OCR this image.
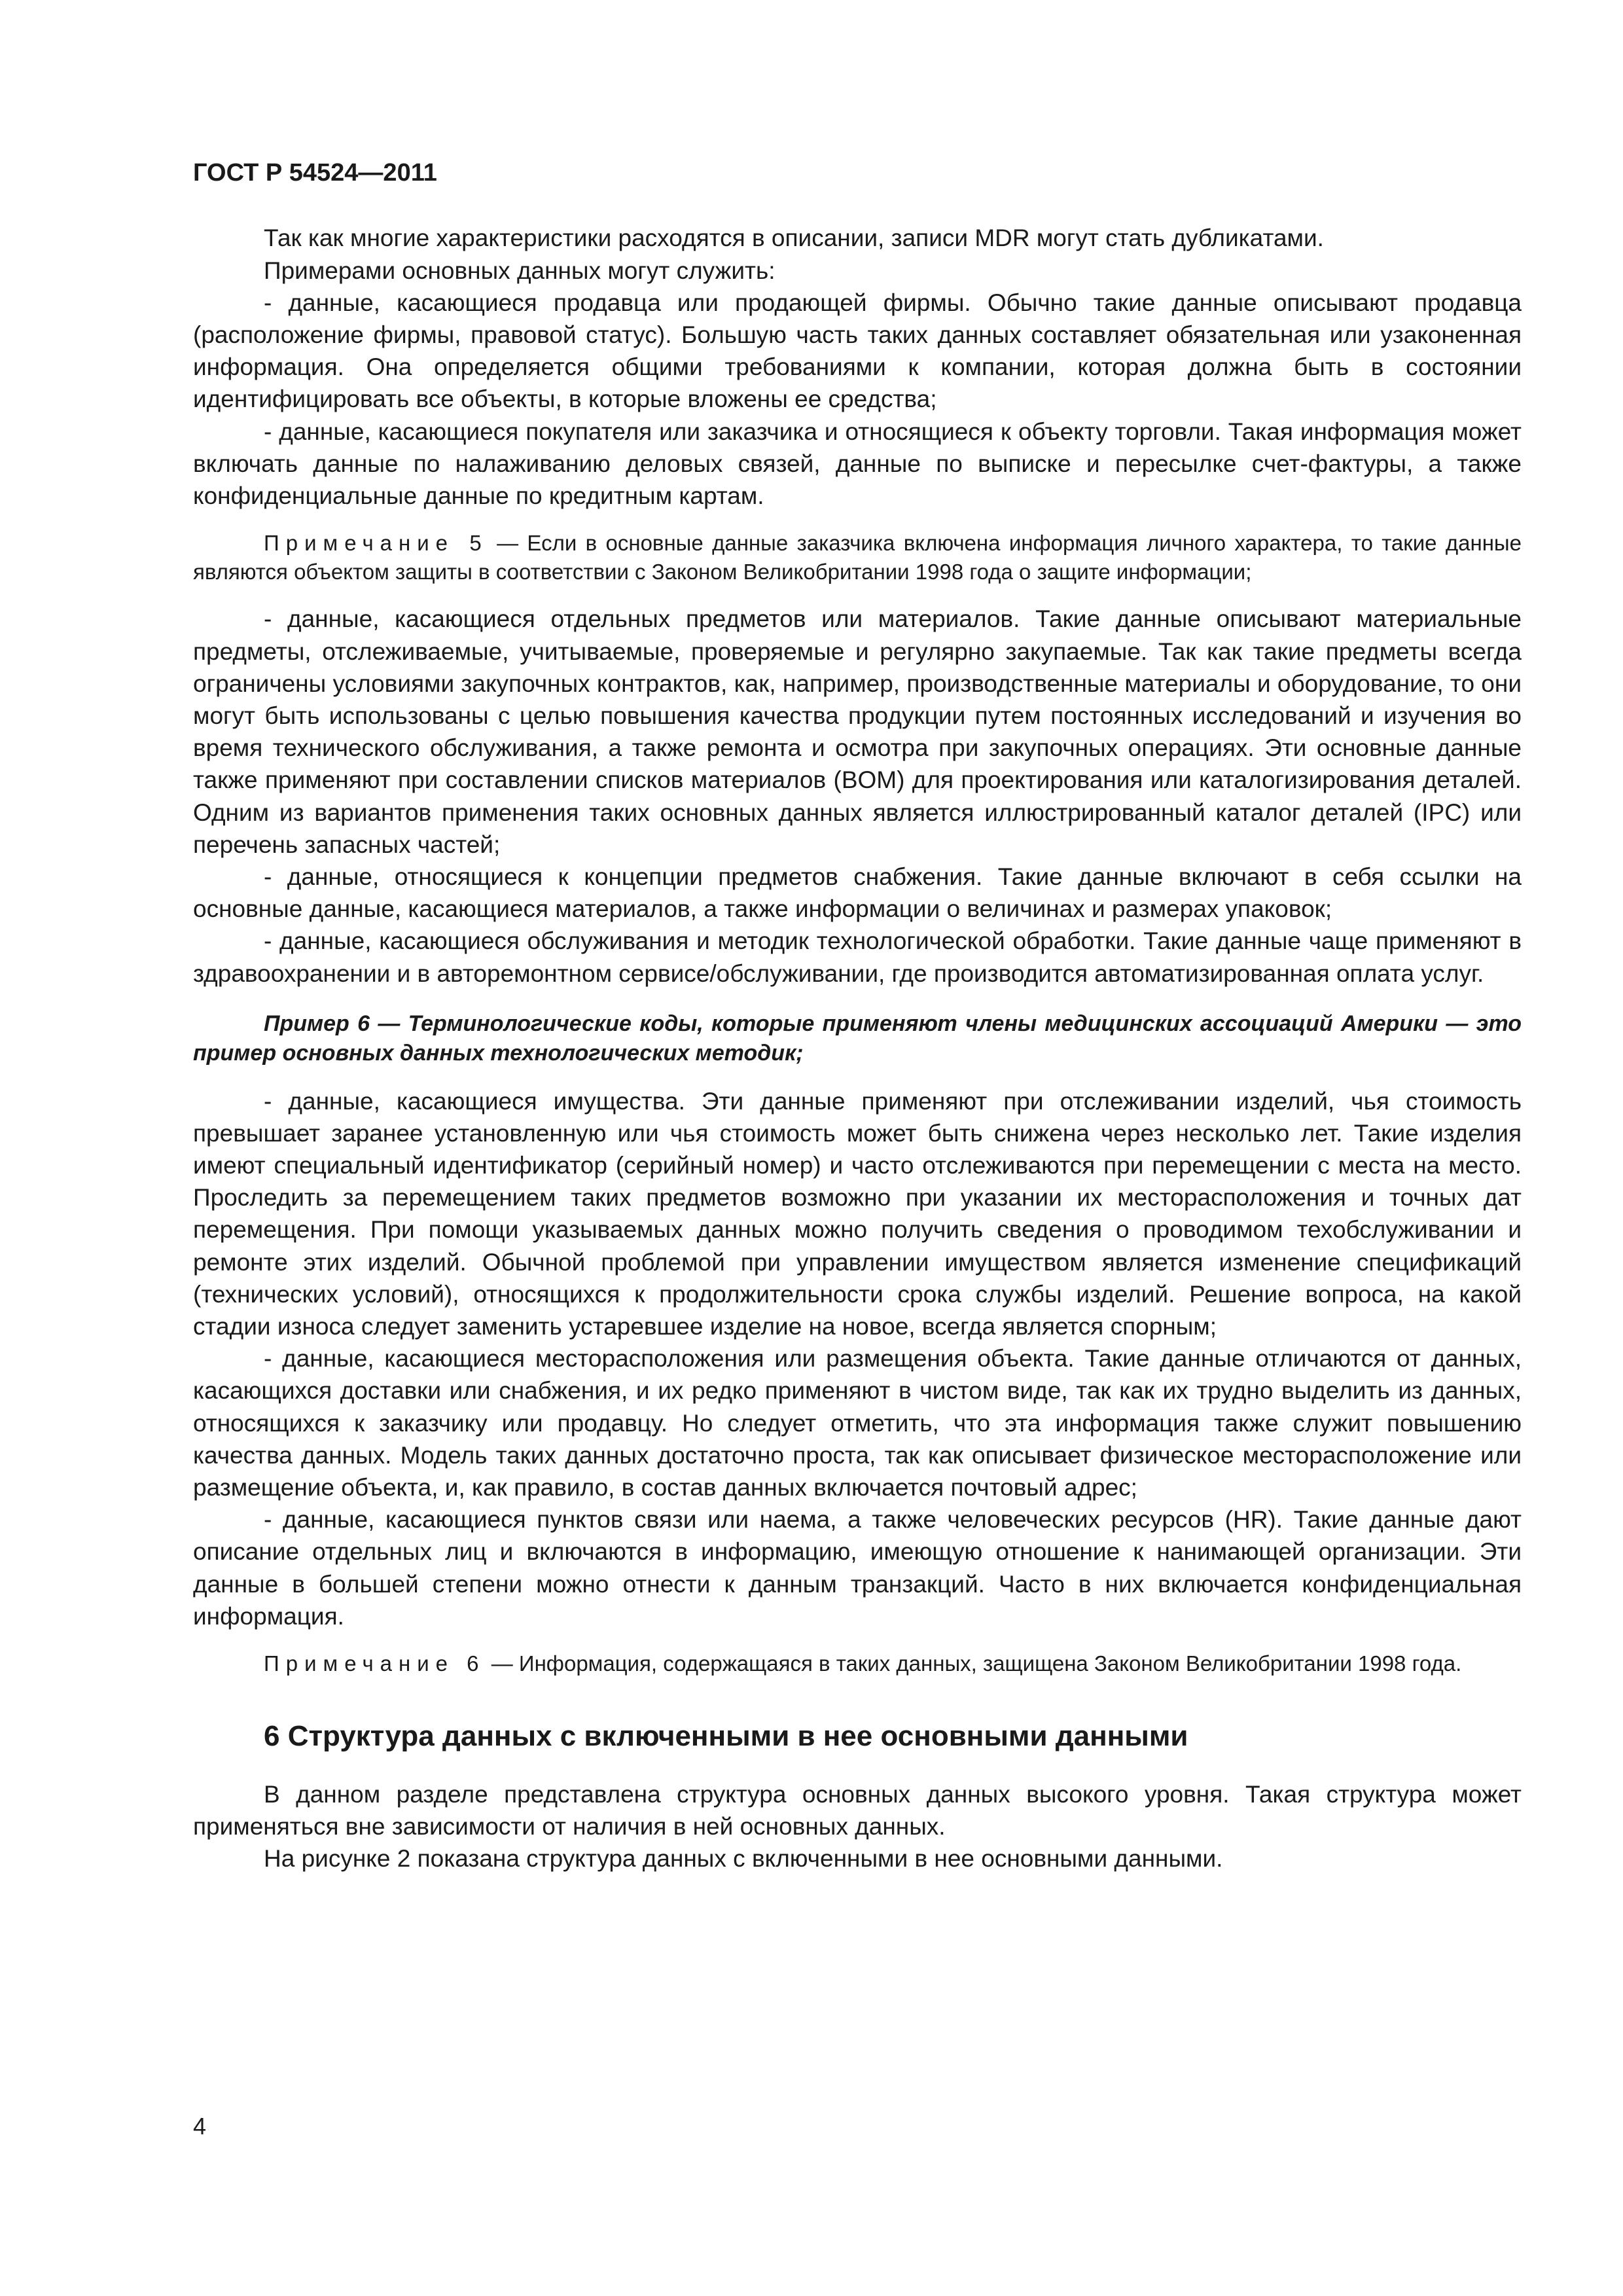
ГОСТ Р 54524—2011

Так как многие характеристики расходятся в описании, записи MDR могут стать дубликатами.

Примерами основных данных могут служить:

- данные, касающиеся продавца или продающей фирмы. Обычно такие данные описывают продавца (расположение фирмы, правовой статус). Большую часть таких данных составляет обязательная или узаконенная информация. Она определяется общими требованиями к компании, которая должна быть в состоянии идентифицировать все объекты, в которые вложены ее средства;

- данные, касающиеся покупателя или заказчика и относящиеся к объекту торговли. Такая информация может включать данные по налаживанию деловых связей, данные по выписке и пересылке счет-фактуры, а также конфиденциальные данные по кредитным картам.

Примечание 5 — Если в основные данные заказчика включена информация личного характера, то такие данные являются объектом защиты в соответствии с Законом Великобритании 1998 года о защите информации;

- данные, касающиеся отдельных предметов или материалов. Такие данные описывают материальные предметы, отслеживаемые, учитываемые, проверяемые и регулярно закупаемые. Так как такие предметы всегда ограничены условиями закупочных контрактов, как, например, производственные материалы и оборудование, то они могут быть использованы с целью повышения качества продукции путем постоянных исследований и изучения во время технического обслуживания, а также ремонта и осмотра при закупочных операциях. Эти основные данные также применяют при составлении списков материалов (BOM) для проектирования или каталогизирования деталей. Одним из вариантов применения таких основных данных является иллюстрированный каталог деталей (IPC) или перечень запасных частей;

- данные, относящиеся к концепции предметов снабжения. Такие данные включают в себя ссылки на основные данные, касающиеся материалов, а также информации о величинах и размерах упаковок;

- данные, касающиеся обслуживания и методик технологической обработки. Такие данные чаще применяют в здравоохранении и в авторемонтном сервисе/обслуживании, где производится автоматизированная оплата услуг.

Пример 6 — Терминологические коды, которые применяют члены медицинских ассоциаций Америки — это пример основных данных технологических методик;

- данные, касающиеся имущества. Эти данные применяют при отслеживании изделий, чья стоимость превышает заранее установленную или чья стоимость может быть снижена через несколько лет. Такие изделия имеют специальный идентификатор (серийный номер) и часто отслеживаются при перемещении с места на место. Проследить за перемещением таких предметов возможно при указании их месторасположения и точных дат перемещения. При помощи указываемых данных можно получить сведения о проводимом техобслуживании и ремонте этих изделий. Обычной проблемой при управлении имуществом является изменение спецификаций (технических условий), относящихся к продолжительности срока службы изделий. Решение вопроса, на какой стадии износа следует заменить устаревшее изделие на новое, всегда является спорным;

- данные, касающиеся месторасположения или размещения объекта. Такие данные отличаются от данных, касающихся доставки или снабжения, и их редко применяют в чистом виде, так как их трудно выделить из данных, относящихся к заказчику или продавцу. Но следует отметить, что эта информация также служит повышению качества данных. Модель таких данных достаточно проста, так как описывает физическое месторасположение или размещение объекта, и, как правило, в состав данных включается почтовый адрес;

- данные, касающиеся пунктов связи или наема, а также человеческих ресурсов (HR). Такие данные дают описание отдельных лиц и включаются в информацию, имеющую отношение к нанимающей организации. Эти данные в большей степени можно отнести к данным транзакций. Часто в них включается конфиденциальная информация.

Примечание 6 — Информация, содержащаяся в таких данных, защищена Законом Великобритании 1998 года.
6 Структура данных с включенными в нее основными данными

В данном разделе представлена структура основных данных высокого уровня. Такая структура может применяться вне зависимости от наличия в ней основных данных.

На рисунке 2 показана структура данных с включенными в нее основными данными.

4
